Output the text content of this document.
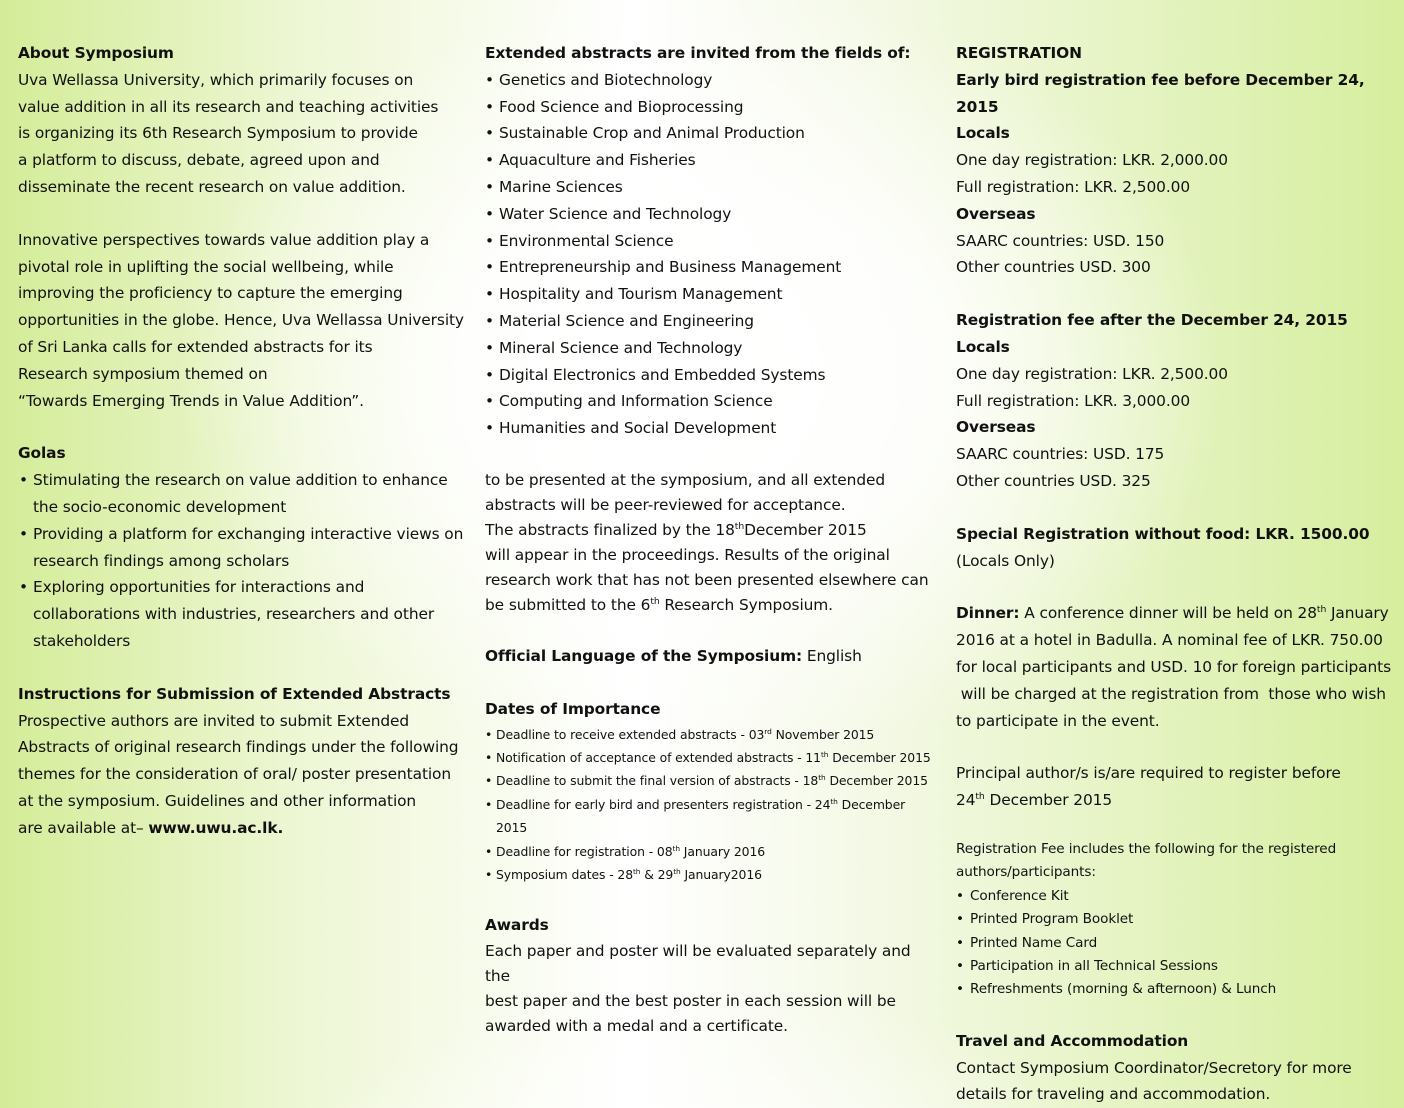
About Symposium
Uva Wellassa University, which primarily focuses on
value addition in all its research and teaching activities
is organizing its 6th Research Symposium to provide
a platform to discuss, debate, agreed upon and
disseminate the recent research on value addition.
Innovative perspectives towards value addition play a
pivotal role in uplifting the social wellbeing, while
improving the proficiency to capture the emerging
opportunities in the globe. Hence, Uva Wellassa University
of Sri Lanka calls for extended abstracts for its
Research symposium themed on
“Towards Emerging Trends in Value Addition”.
Golas
• Stimulating the research on value addition to enhance the socio-economic development
• Providing a platform for exchanging interactive views on research findings among scholars
• Exploring opportunities for interactions and collaborations with industries, researchers and other stakeholders
Instructions for Submission of Extended Abstracts
Prospective authors are invited to submit Extended
Abstracts of original research findings under the following
themes for the consideration of oral/ poster presentation
at the symposium. Guidelines and other information
are available at– www.uwu.ac.lk.
Extended abstracts are invited from the fields of:
• Genetics and Biotechnology
• Food Science and Bioprocessing
• Sustainable Crop and Animal Production
• Aquaculture and Fisheries
• Marine Sciences
• Water Science and Technology
• Environmental Science
• Entrepreneurship and Business Management
• Hospitality and Tourism Management
• Material Science and Engineering
• Mineral Science and Technology
• Digital Electronics and Embedded Systems
• Computing and Information Science
• Humanities and Social Development
to be presented at the symposium, and all extended
abstracts will be peer-reviewed for acceptance.
The abstracts finalized by the 18thDecember 2015
will appear in the proceedings. Results of the original
research work that has not been presented elsewhere can
be submitted to the 6th Research Symposium.
Official Language of the Symposium: English
Dates of Importance
• Deadline to receive extended abstracts - 03rd November 2015
• Notification of acceptance of extended abstracts - 11th December 2015
• Deadline to submit the final version of abstracts - 18th December 2015
• Deadline for early bird and presenters registration - 24th December 2015
• Deadline for registration - 08th January 2016
• Symposium dates - 28th & 29th January2016
Awards
Each paper and poster will be evaluated separately and the
best paper and the best poster in each session will be
awarded with a medal and a certificate.
REGISTRATION
Early bird registration fee before December 24, 2015
Locals
One day registration: LKR. 2,000.00
Full registration: LKR. 2,500.00
Overseas
SAARC countries: USD. 150
Other countries USD. 300
Registration fee after the December 24, 2015
Locals
One day registration: LKR. 2,500.00
Full registration: LKR. 3,000.00
Overseas
SAARC countries: USD. 175
Other countries USD. 325
Special Registration without food: LKR. 1500.00
(Locals Only)
Dinner: A conference dinner will be held on 28th January
2016 at a hotel in Badulla. A nominal fee of LKR. 750.00
for local participants and USD. 10 for foreign participants
will be charged at the registration from  those who wish
to participate in the event.
Principal author/s is/are required to register before
24th December 2015
Registration Fee includes the following for the registered
authors/participants:
• Conference Kit
• Printed Program Booklet
• Printed Name Card
• Participation in all Technical Sessions
• Refreshments (morning & afternoon) & Lunch
Travel and Accommodation
Contact Symposium Coordinator/Secretory for more
details for traveling and accommodation.
